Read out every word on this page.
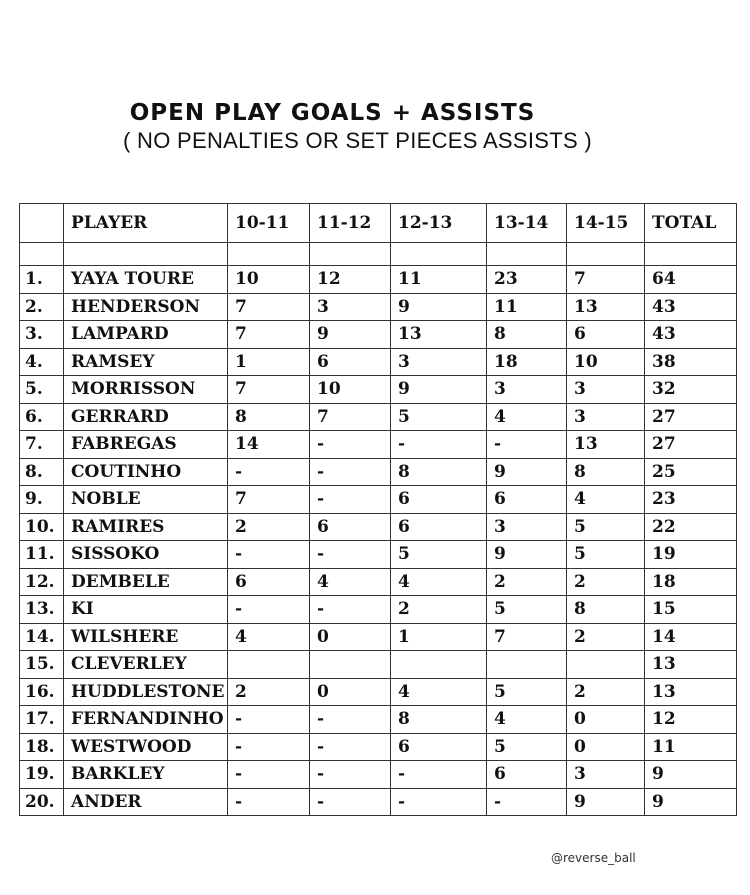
OPEN PLAY GOALS + ASSISTS
( NO PENALTIES OR SET PIECES ASSISTS )
	PLAYER	10-11	11-12	12-13	13-14	14-15	TOTAL

1.	YAYA TOURE	10	12	11	23	7	64
2.	HENDERSON	7	3	9	11	13	43
3.	LAMPARD	7	9	13	8	6	43
4.	RAMSEY	1	6	3	18	10	38
5.	MORRISSON	7	10	9	3	3	32
6.	GERRARD	8	7	5	4	3	27
7.	FABREGAS	14	-	-	-	13	27
8.	COUTINHO	-	-	8	9	8	25
9.	NOBLE	7	-	6	6	4	23
10.	RAMIRES	2	6	6	3	5	22
11.	SISSOKO	-	-	5	9	5	19
12.	DEMBELE	6	4	4	2	2	18
13.	KI	-	-	2	5	8	15
14.	WILSHERE	4	0	1	7	2	14
15.	CLEVERLEY						13
16.	HUDDLESTONE	2	0	4	5	2	13
17.	FERNANDINHO	-	-	8	4	0	12
18.	WESTWOOD	-	-	6	5	0	11
19.	BARKLEY	-	-	-	6	3	9
20.	ANDER	-	-	-	-	9	9
@reverse_ball
